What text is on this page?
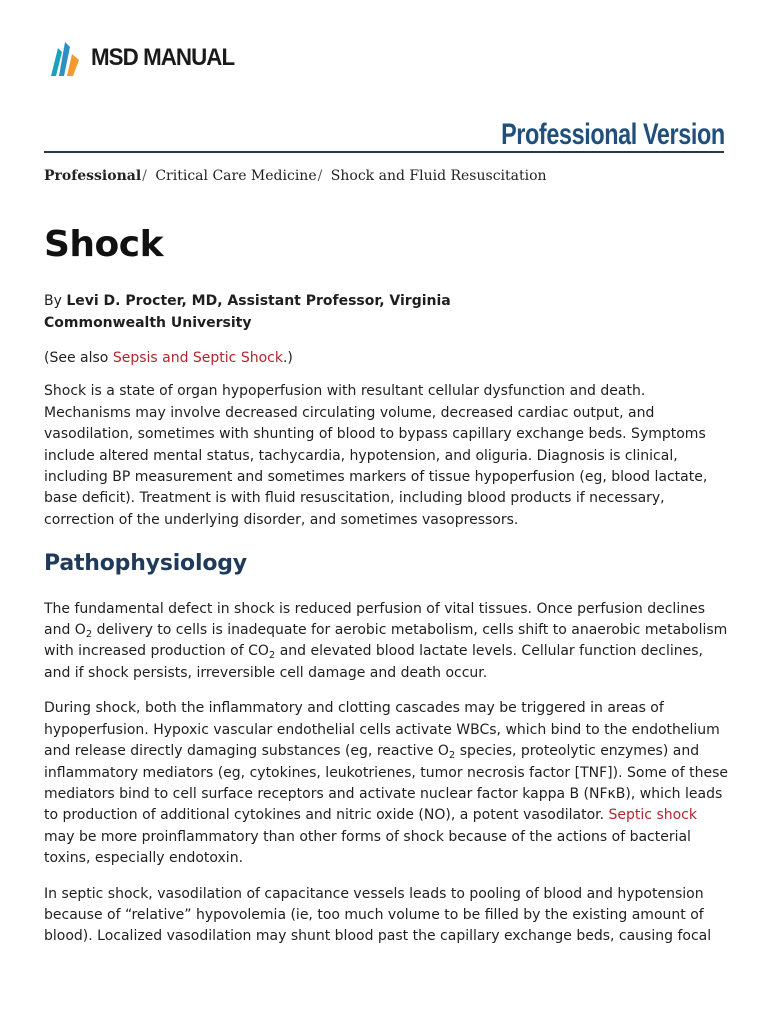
MSD MANUAL
Professional Version
Professional/ Critical Care Medicine/ Shock and Fluid Resuscitation
Shock
By Levi D. Procter, MD, Assistant Professor, Virginia Commonwealth University

(See also Sepsis and Septic Shock.)

Shock is a state of organ hypoperfusion with resultant cellular dysfunction and death. Mechanisms may involve decreased circulating volume, decreased cardiac output, and vasodilation, sometimes with shunting of blood to bypass capillary exchange beds. Symptoms include altered mental status, tachycardia, hypotension, and oliguria. Diagnosis is clinical, including BP measurement and sometimes markers of tissue hypoperfusion (eg, blood lactate, base deficit). Treatment is with fluid resuscitation, including blood products if necessary, correction of the underlying disorder, and sometimes vasopressors.

Pathophysiology

The fundamental defect in shock is reduced perfusion of vital tissues. Once perfusion declines and $O_2$ delivery to cells is inadequate for aerobic metabolism, cells shift to anaerobic metabolism with increased production of $CO_2$ and elevated blood lactate levels. Cellular function declines, and if shock persists, irreversible cell damage and death occur.

During shock, both the inflammatory and clotting cascades may be triggered in areas of hypoperfusion. Hypoxic vascular endothelial cells activate WBCs, which bind to the endothelium and release directly damaging substances (eg, reactive $O_2$ species, proteolytic enzymes) and inflammatory mediators (eg, cytokines, leukotrienes, tumor necrosis factor [TNF]). Some of these mediators bind to cell surface receptors and activate nuclear factor kappa B (NFκB), which leads to production of additional cytokines and nitric oxide (NO), a potent vasodilator. Septic shock may be more proinflammatory than other forms of shock because of the actions of bacterial toxins, especially endotoxin.

In septic shock, vasodilation of capacitance vessels leads to pooling of blood and hypotension because of “relative” hypovolemia (ie, too much volume to be filled by the existing amount of blood). Localized vasodilation may shunt blood past the capillary exchange beds, causing focal
